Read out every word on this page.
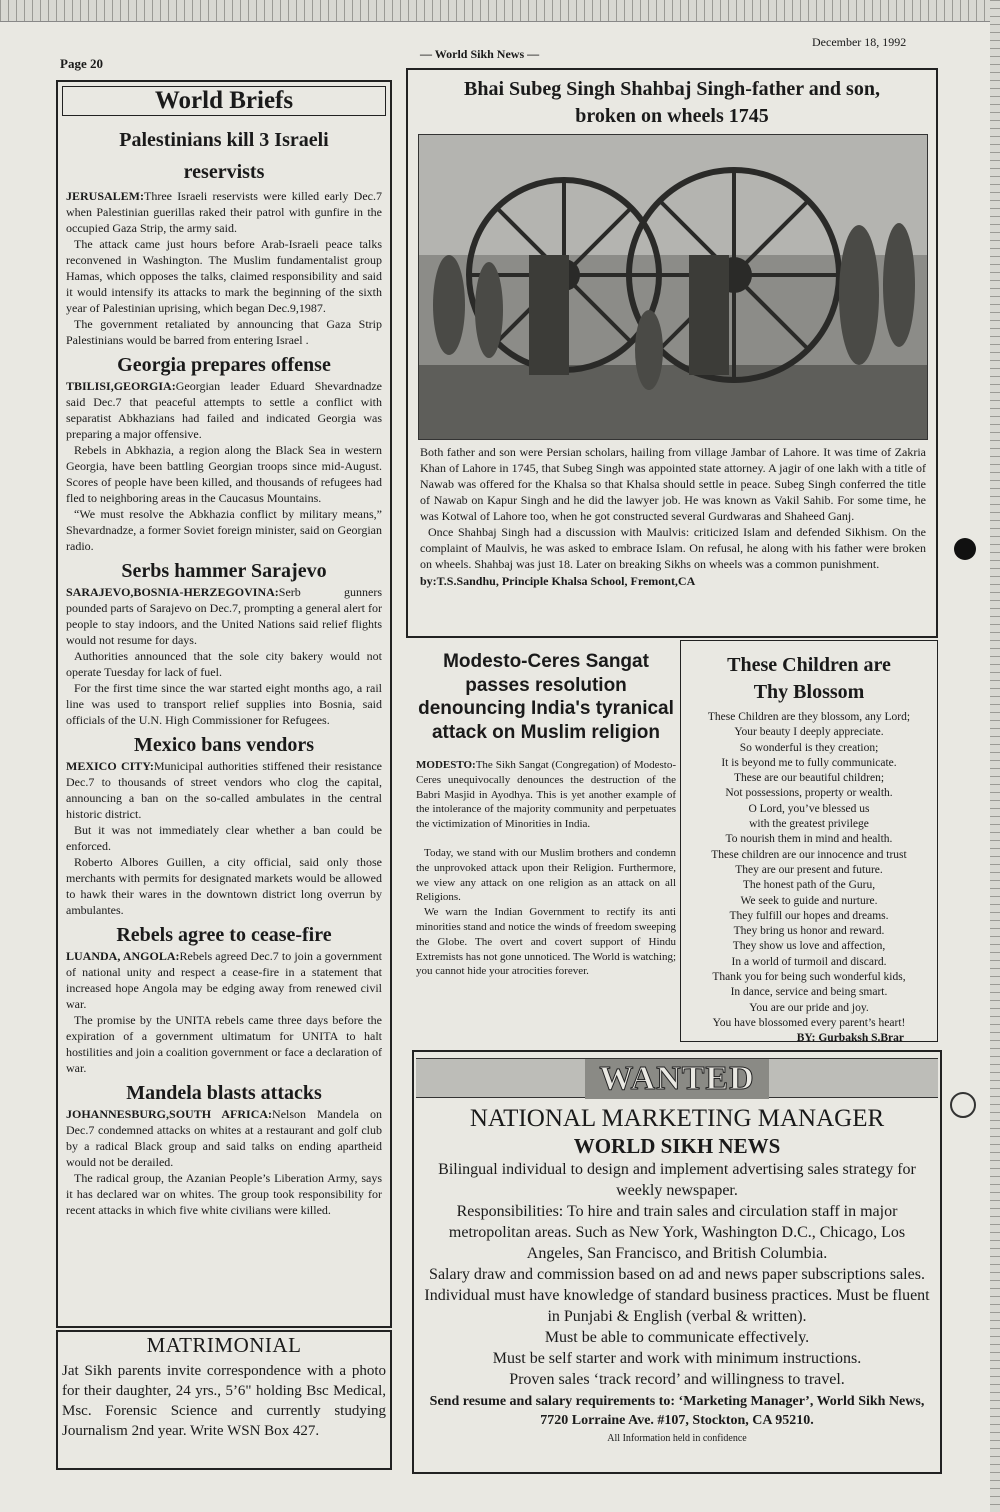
Page 20
— World Sikh News —
December 18, 1992
World Briefs
Palestinians kill 3 Israeli reservists

JERUSALEM:Three Israeli reservists were killed early Dec.7 when Palestinian guerillas raked their patrol with gunfire in the occupied Gaza Strip, the army said.

The attack came just hours before Arab-Israeli peace talks reconvened in Washington. The Muslim fundamentalist group Hamas, which opposes the talks, claimed responsibility and said it would intensify its attacks to mark the beginning of the sixth year of Palestinian uprising, which began Dec.9,1987.

The government retaliated by announcing that Gaza Strip Palestinians would be barred from entering Israel .

Georgia prepares offense

TBILISI,GEORGIA:Georgian leader Eduard Shevardnadze said Dec.7 that peaceful attempts to settle a conflict with separatist Abkhazians had failed and indicated Georgia was preparing a major offensive.

Rebels in Abkhazia, a region along the Black Sea in western Georgia, have been battling Georgian troops since mid-August. Scores of people have been killed, and thousands of refugees had fled to neighboring areas in the Caucasus Mountains.

“We must resolve the Abkhazia conflict by military means,” Shevardnadze, a former Soviet foreign minister, said on Georgian radio.

Serbs hammer Sarajevo

SARAJEVO,BOSNIA-HERZEGOVINA:Serb gunners pounded parts of Sarajevo on Dec.7, prompting a general alert for people to stay indoors, and the United Nations said relief flights would not resume for days.

Authorities announced that the sole city bakery would not operate Tuesday for lack of fuel.

For the first time since the war started eight months ago, a rail line was used to transport relief supplies into Bosnia, said officials of the U.N. High Commissioner for Refugees.

Mexico bans vendors

MEXICO CITY:Municipal authorities stiffened their resistance Dec.7 to thousands of street vendors who clog the capital, announcing a ban on the so-called ambulates in the central historic district.

But it was not immediately clear whether a ban could be enforced.

Roberto Albores Guillen, a city official, said only those merchants with permits for designated markets would be allowed to hawk their wares in the downtown district long overrun by ambulantes.

Rebels agree to cease-fire

LUANDA, ANGOLA:Rebels agreed Dec.7 to join a government of national unity and respect a cease-fire in a statement that increased hope Angola may be edging away from renewed civil war.

The promise by the UNITA rebels came three days before the expiration of a government ultimatum for UNITA to halt hostilities and join a coalition government or face a declaration of war.

Mandela blasts attacks

JOHANNESBURG,SOUTH AFRICA:Nelson Mandela on Dec.7 condemned attacks on whites at a restaurant and golf club by a radical Black group and said talks on ending apartheid would not be derailed.

The radical group, the Azanian People’s Liberation Army, says it has declared war on whites. The group took responsibility for recent attacks in which five white civilians were killed.

MATRIMONIAL

Jat Sikh parents invite correspondence with a photo for their daughter, 24 yrs., 5’6" holding Bsc Medical, Msc. Forensic Science and currently studying Journalism 2nd year. Write WSN Box 427.

Bhai Subeg Singh Shahbaj Singh-father and son,
broken on wheels 1745

Both father and son were Persian scholars, hailing from village Jambar of Lahore. It was time of Zakria Khan of Lahore in 1745, that Subeg Singh was appointed state attorney. A jagir of one lakh with a title of Nawab was offered for the Khalsa so that Khalsa should settle in peace. Subeg Singh conferred the title of Nawab on Kapur Singh and he did the lawyer job. He was known as Vakil Sahib. For some time, he was Kotwal of Lahore too, when he got constructed several Gurdwaras and Shaheed Ganj.

Once Shahbaj Singh had a discussion with Maulvis: criticized Islam and defended Sikhism. On the complaint of Maulvis, he was asked to embrace Islam. On refusal, he along with his father were broken on wheels. Shahbaj was just 18. Later on breaking Sikhs on wheels was a common punishment.

by:T.S.Sandhu, Principle Khalsa School, Fremont,CA

Modesto-Ceres Sangat passes resolution denouncing India's tyranical attack on Muslim religion

MODESTO:The Sikh Sangat (Congregation) of Modesto-Ceres unequivocally denounces the destruction of the Babri Masjid in Ayodhya. This is yet another example of the intolerance of the majority community and perpetuates the victimization of Minorities in India.

Today, we stand with our Muslim brothers and condemn the unprovoked attack upon their Religion. Furthermore, we view any attack on one religion as an attack on all Religions.

We warn the Indian Government to rectify its anti minorities stand and notice the winds of freedom sweeping the Globe. The overt and covert support of Hindu Extremists has not gone unnoticed. The World is watching; you cannot hide your atrocities forever.

These Children are
Thy Blossom

These Children are they blossom, any Lord;

Your beauty I deeply appreciate.

So wonderful is they creation;

It is beyond me to fully communicate.

These are our beautiful children;

Not possessions, property or wealth.

O Lord, you’ve blessed us

with the greatest privilege

To nourish them in mind and health.

These children are our innocence and trust

They are our present and future.

The honest path of the Guru,

We seek to guide and nurture.

They fulfill our hopes and dreams.

They bring us honor and reward.

They show us love and affection,

In a world of turmoil and discard.

Thank you for being such wonderful kids,

In dance, service and being smart.

You are our pride and joy.

You have blossomed every parent’s heart!

BY: Gurbaksh S.Brar

WANTED

NATIONAL MARKETING MANAGER

WORLD SIKH NEWS

Bilingual individual to design and implement advertising sales strategy for weekly newspaper.

Responsibilities: To hire and train sales and circulation staff in major metropolitan areas. Such as New York, Washington D.C., Chicago, Los Angeles, San Francisco, and British Columbia.

Salary draw and commission based on ad and news paper subscriptions sales.

Individual must have knowledge of standard business practices. Must be fluent in Punjabi & English (verbal & written).

Must be able to communicate effectively.

Must be self starter and work with minimum instructions.

Proven sales ‘track record’ and willingness to travel.

Send resume and salary requirements to: ‘Marketing Manager’, World Sikh News, 7720 Lorraine Ave. #107, Stockton, CA 95210.

All Information held in confidence
